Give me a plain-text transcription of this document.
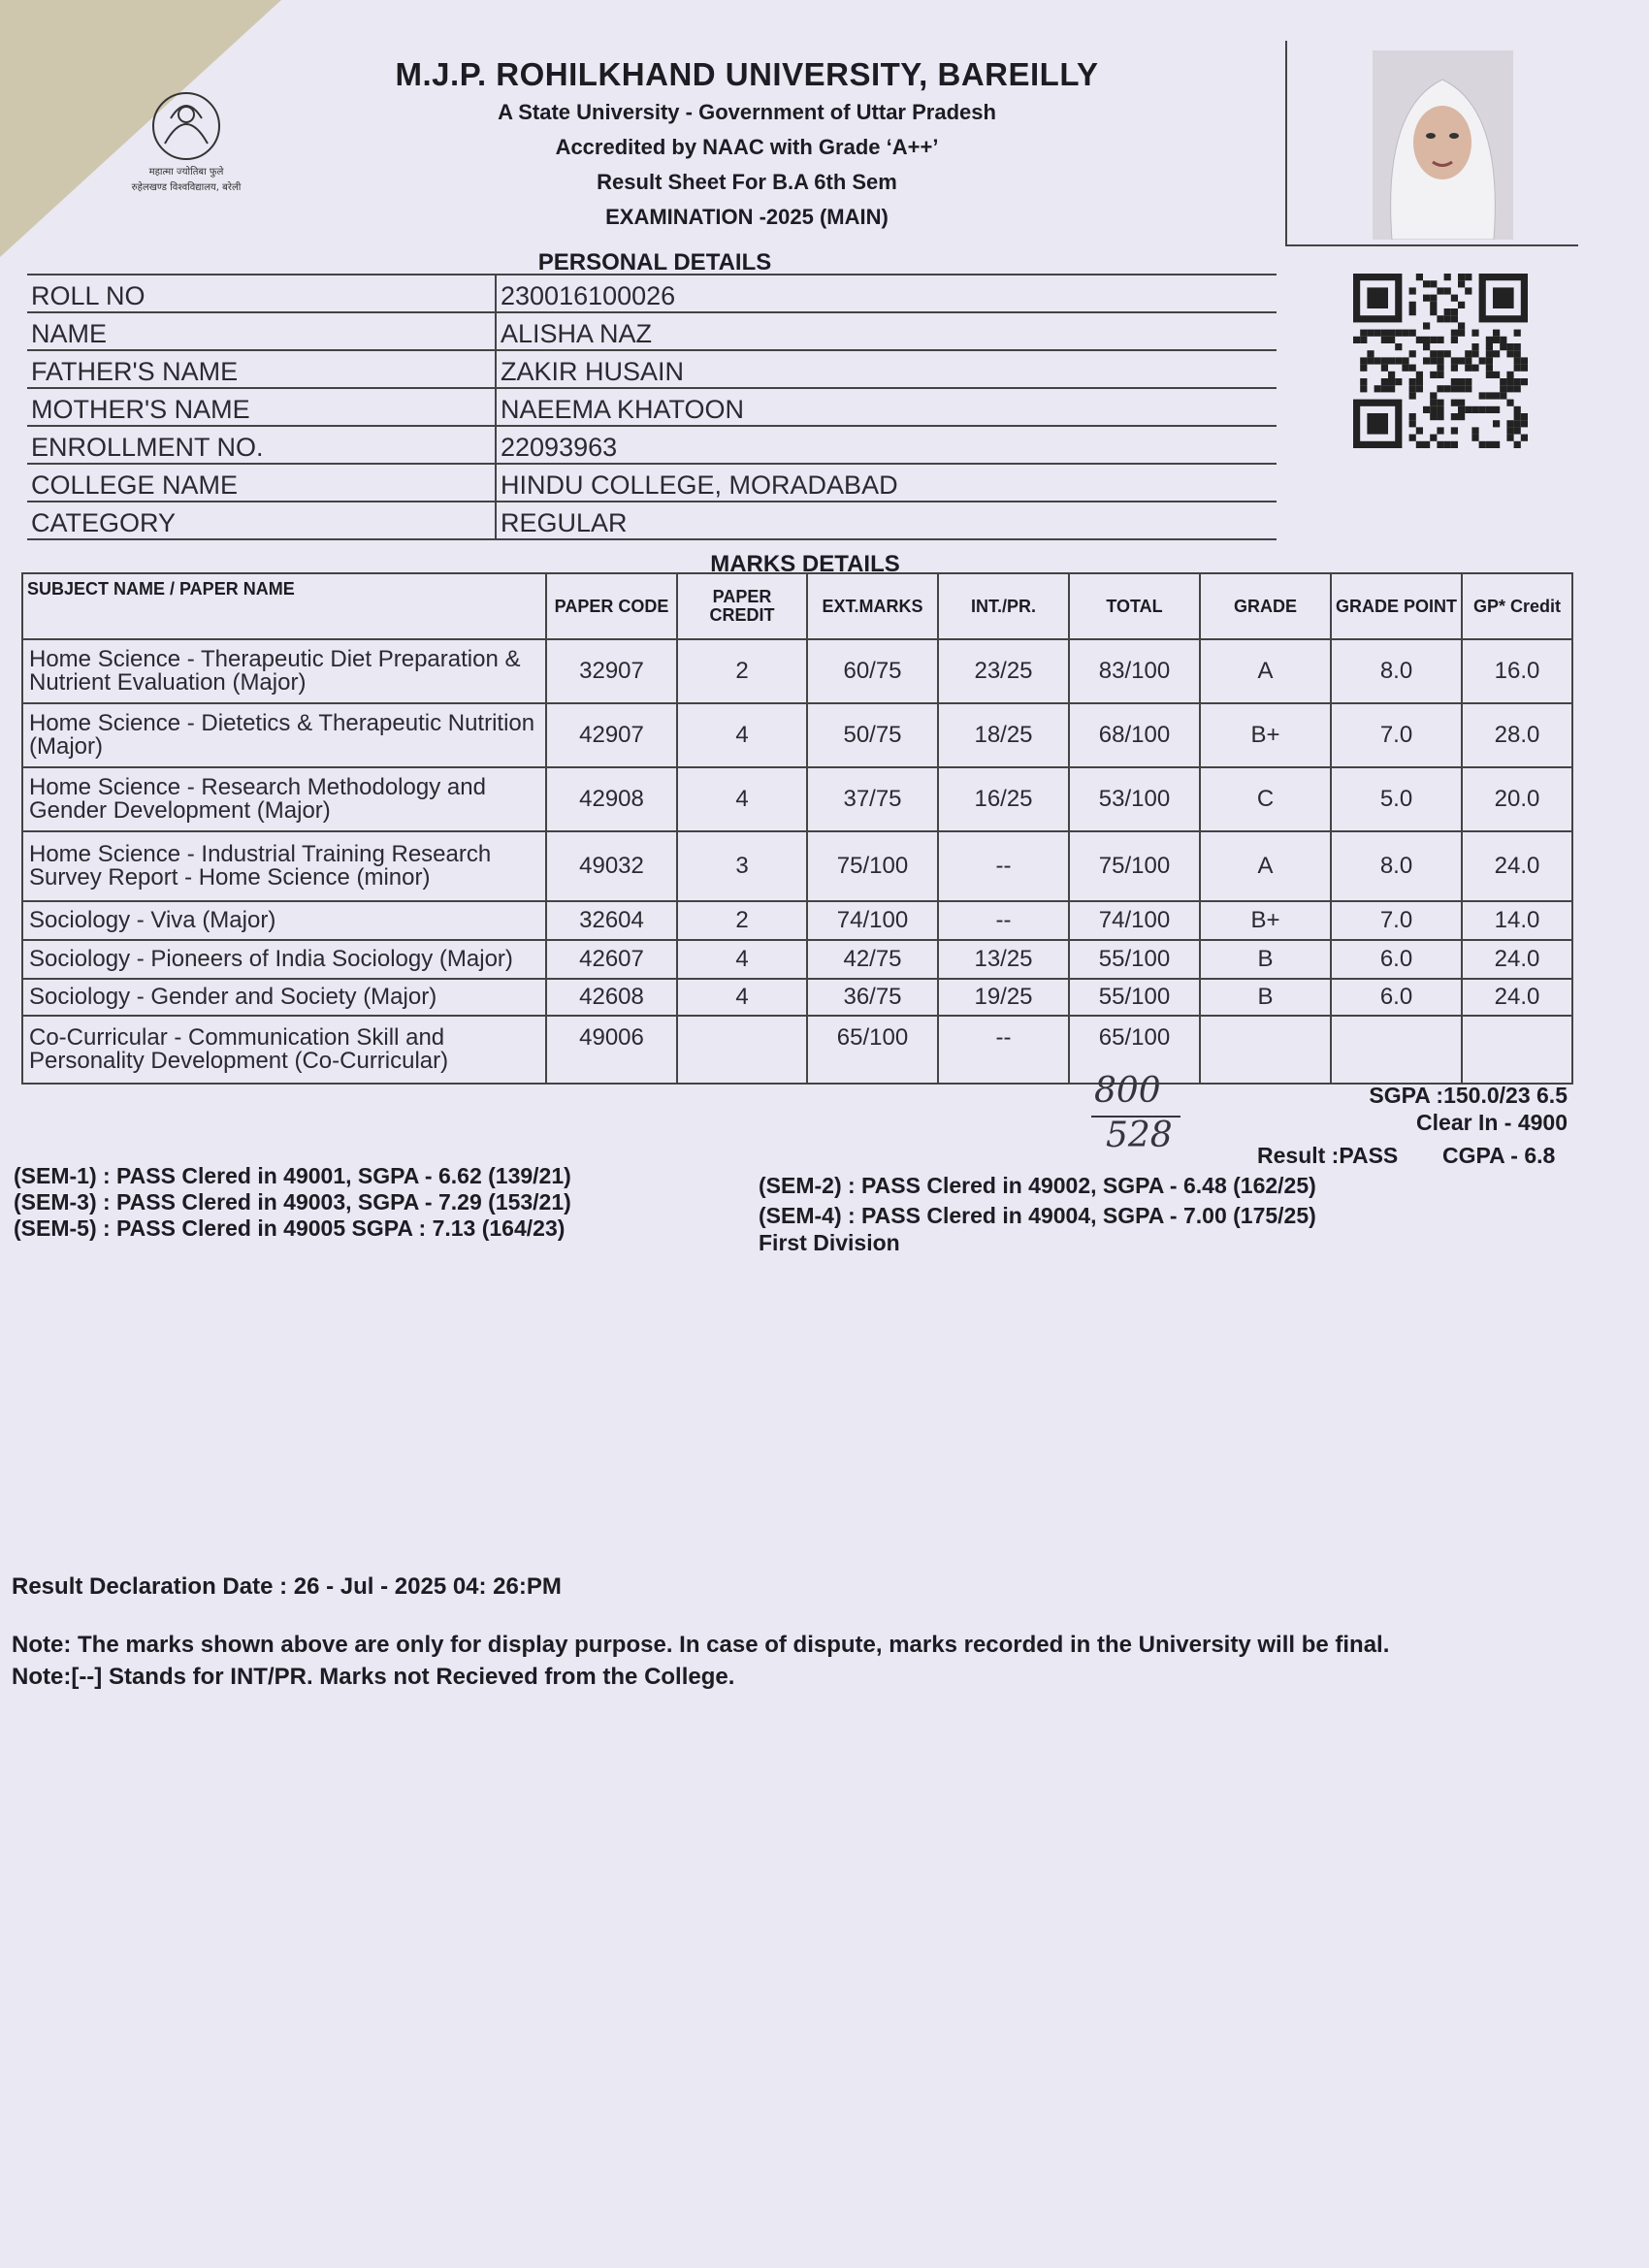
महात्मा ज्योतिबा फुले
रुहेलखण्ड विश्वविद्यालय, बरेली
M.J.P. ROHILKHAND UNIVERSITY, BAREILLY
A State University - Government of Uttar Pradesh
Accredited by NAAC with Grade ‘A++’
Result Sheet For B.A 6th Sem
EXAMINATION -2025 (MAIN)
PERSONAL DETAILS
ROLL NO	230016100026
NAME	ALISHA NAZ
FATHER'S NAME	ZAKIR HUSAIN
MOTHER'S NAME	NAEEMA KHATOON
ENROLLMENT NO.	22093963
COLLEGE NAME	HINDU COLLEGE, MORADABAD
CATEGORY	REGULAR
MARKS DETAILS
SUBJECT NAME / PAPER NAME	PAPER CODE	PAPER CREDIT	EXT.MARKS	INT./PR.	TOTAL	GRADE	GRADE POINT	GP* Credit
Home Science - Therapeutic Diet Preparation & Nutrient Evaluation (Major)	32907	2	60/75	23/25	83/100	A	8.0	16.0
Home Science - Dietetics & Therapeutic Nutrition (Major)	42907	4	50/75	18/25	68/100	B+	7.0	28.0
Home Science - Research Methodology and Gender Development (Major)	42908	4	37/75	16/25	53/100	C	5.0	20.0
Home Science - Industrial Training Research Survey Report - Home Science (minor)	49032	3	75/100	--	75/100	A	8.0	24.0
Sociology - Viva (Major)	32604	2	74/100	--	74/100	B+	7.0	14.0
Sociology - Pioneers of India Sociology (Major)	42607	4	42/75	13/25	55/100	B	6.0	24.0
Sociology - Gender and Society (Major)	42608	4	36/75	19/25	55/100	B	6.0	24.0
Co-Curricular - Communication Skill and Personality Development (Co-Curricular)	49006		65/100	--	65/100			
800
528
SGPA :150.0/23 6.5
Clear In - 4900
Result :PASS CGPA - 6.8
(SEM-1) : PASS Clered in 49001, SGPA - 6.62 (139/21)
(SEM-3) : PASS Clered in 49003, SGPA - 7.29 (153/21)
(SEM-5) : PASS Clered in 49005 SGPA : 7.13 (164/23)
(SEM-2) : PASS Clered in 49002, SGPA - 6.48 (162/25)
(SEM-4) : PASS Clered in 49004, SGPA - 7.00 (175/25)
First Division
Result Declaration Date : 26 - Jul - 2025 04: 26:PM
Note: The marks shown above are only for display purpose. In case of dispute, marks recorded in the University will be final.
Note:[--] Stands for INT/PR. Marks not Recieved from the College.
